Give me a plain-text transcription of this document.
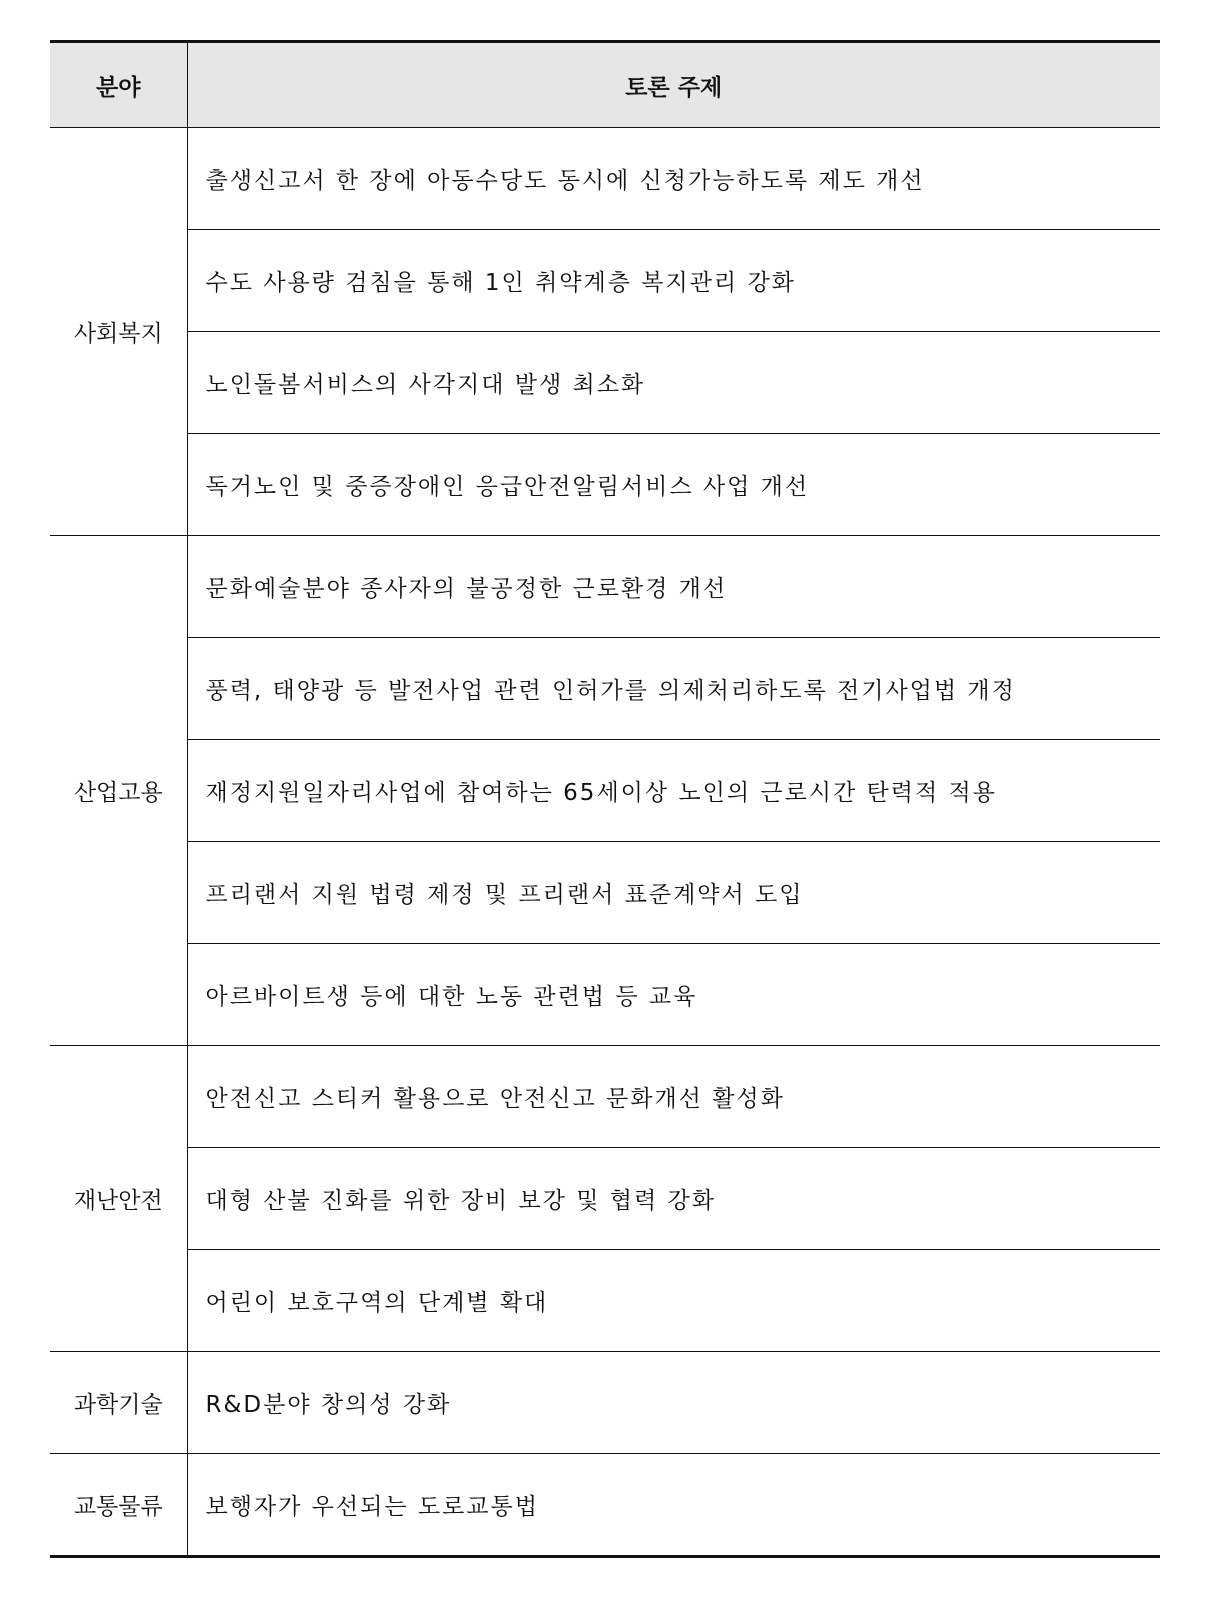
분야	토론 주제
사회복지	출생신고서 한 장에 아동수당도 동시에 신청가능하도록 제도 개선
	수도 사용량 검침을 통해 1인 취약계층 복지관리 강화
	노인돌봄서비스의 사각지대 발생 최소화
	독거노인 및 중증장애인 응급안전알림서비스 사업 개선
산업고용	문화예술분야 종사자의 불공정한 근로환경 개선
	풍력, 태양광 등 발전사업 관련 인허가를 의제처리하도록 전기사업법 개정
	재정지원일자리사업에 참여하는 65세이상 노인의 근로시간 탄력적 적용
	프리랜서 지원 법령 제정 및 프리랜서 표준계약서 도입
	아르바이트생 등에 대한 노동 관련법 등 교육
재난안전	안전신고 스티커 활용으로 안전신고 문화개선 활성화
	대형 산불 진화를 위한 장비 보강 및 협력 강화
	어린이 보호구역의 단계별 확대
과학기술	R&D분야 창의성 강화
교통물류	보행자가 우선되는 도로교통법
